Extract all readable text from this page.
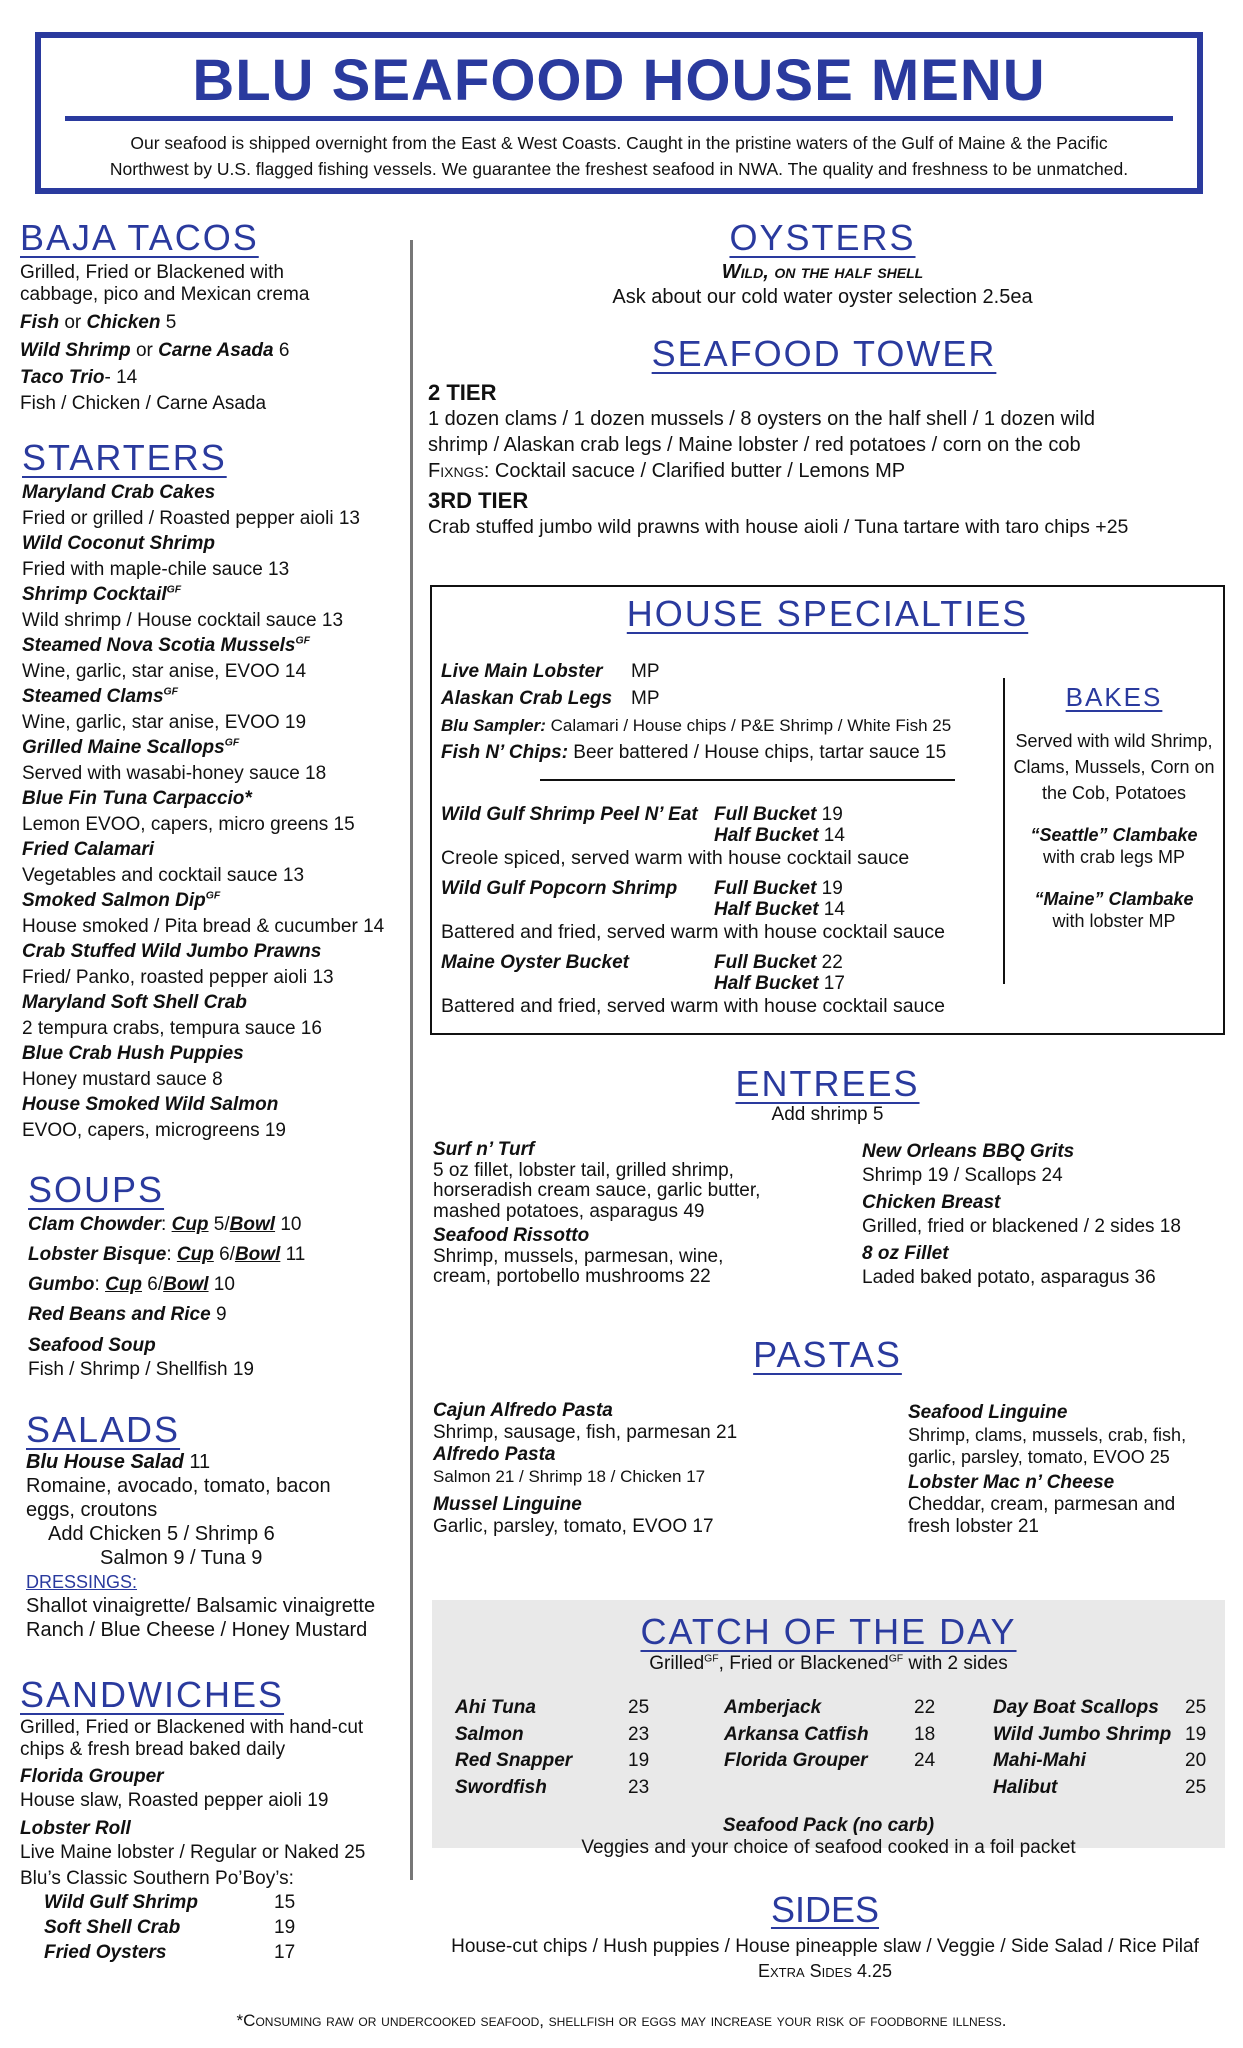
BLU SEAFOOD HOUSE MENU
Our seafood is shipped overnight from the East & West Coasts. Caught in the pristine waters of the Gulf of Maine & the Pacific
Northwest by U.S. flagged fishing vessels. We guarantee the freshest seafood in NWA. The quality and freshness to be unmatched.
BAJA TACOS
Grilled, Fried or Blackened with
cabbage, pico and Mexican crema
Fish or Chicken 5
Wild Shrimp or Carne Asada 6
Taco Trio- 14
Fish / Chicken / Carne Asada
STARTERS
Maryland Crab Cakes
Fried or grilled / Roasted pepper aioli 13
Wild Coconut Shrimp
Fried with maple-chile sauce 13
Shrimp Cocktail$^{GF}$
Wild shrimp / House cocktail sauce 13
Steamed Nova Scotia Mussels$^{GF}$
Wine, garlic, star anise, EVOO 14
Steamed Clams$^{GF}$
Wine, garlic, star anise, EVOO 19
Grilled Maine Scallops$^{GF}$
Served with wasabi-honey sauce 18
Blue Fin Tuna Carpaccio*
Lemon EVOO, capers, micro greens 15
Fried Calamari
Vegetables and cocktail sauce 13
Smoked Salmon Dip$^{GF}$
House smoked / Pita bread & cucumber 14
Crab Stuffed Wild Jumbo Prawns
Fried/ Panko, roasted pepper aioli 13
Maryland Soft Shell Crab
2 tempura crabs, tempura sauce 16
Blue Crab Hush Puppies
Honey mustard sauce 8
House Smoked Wild Salmon
EVOO, capers, microgreens 19
SOUPS
Clam Chowder: Cup 5/Bowl 10
Lobster Bisque: Cup 6/Bowl 11
Gumbo: Cup 6/Bowl 10
Red Beans and Rice 9
Seafood Soup
Fish / Shrimp / Shellfish 19
SALADS
Blu House Salad 11
Romaine, avocado, tomato, bacon
eggs, croutons
Add Chicken 5 / Shrimp 6
Salmon 9 / Tuna 9
DRESSINGS:
Shallot vinaigrette/ Balsamic vinaigrette
Ranch / Blue Cheese / Honey Mustard
SANDWICHES
Grilled, Fried or Blackened with hand-cut
chips & fresh bread baked daily
Florida Grouper
House slaw, Roasted pepper aioli 19
Lobster Roll
Live Maine lobster / Regular or Naked 25
Blu’s Classic Southern Po’Boy’s:
Wild Gulf Shrimp	15
Soft Shell Crab	19
Fried Oysters	17
OYSTERS
Wild, on the half shell
Ask about our cold water oyster selection 2.5ea
SEAFOOD TOWER
2 TIER
1 dozen clams / 1 dozen mussels / 8 oysters on the half shell / 1 dozen wild
shrimp / Alaskan crab legs / Maine lobster / red potatoes / corn on the cob
Fixngs: Cocktail sacuce / Clarified butter / Lemons MP
3RD TIER
Crab stuffed jumbo wild prawns with house aioli / Tuna tartare with taro chips +25
HOUSE SPECIALTIES
Live Main Lobster MP
Alaskan Crab Legs MP
Blu Sampler: Calamari / House chips / P&E Shrimp / White Fish 25
Fish N’ Chips: Beer battered / House chips, tartar sauce 15
Wild Gulf Shrimp Peel N’ Eat Full Bucket 19
Half Bucket 14
Creole spiced, served warm with house cocktail sauce
Wild Gulf Popcorn Shrimp Full Bucket 19
Half Bucket 14
Battered and fried, served warm with house cocktail sauce
Maine Oyster Bucket	Full Bucket 22
Half Bucket 17
Battered and fried, served warm with house cocktail sauce
BAKES
Served with wild Shrimp,
Clams, Mussels, Corn on
the Cob, Potatoes
“Seattle” Clambake
with crab legs MP
“Maine” Clambake
with lobster MP
ENTREES
Add shrimp 5
Surf n’ Turf
5 oz fillet, lobster tail, grilled shrimp,
horseradish cream sauce, garlic butter,
mashed potatoes, asparagus 49
Seafood Rissotto
Shrimp, mussels, parmesan, wine,
cream, portobello mushrooms 22
New Orleans BBQ Grits
Shrimp 19 / Scallops 24
Chicken Breast
Grilled, fried or blackened / 2 sides 18
8 oz Fillet
Laded baked potato, asparagus 36
PASTAS
Cajun Alfredo Pasta
Shrimp, sausage, fish, parmesan 21
Alfredo Pasta
Salmon 21 / Shrimp 18 / Chicken 17
Mussel Linguine
Garlic, parsley, tomato, EVOO 17
Seafood Linguine
Shrimp, clams, mussels, crab, fish,
garlic, parsley, tomato, EVOO 25
Lobster Mac n’ Cheese
Cheddar, cream, parmesan and
fresh lobster 21
CATCH OF THE DAY
Grilled$^{GF}$, Fried or Blackened$^{GF}$ with 2 sides
Ahi Tuna	25
Salmon	23
Red Snapper	19
Swordfish	23
Amberjack	22
Arkansa Catfish 18
Florida Grouper 24
Day Boat Scallops 25
Wild Jumbo Shrimp 19
Mahi-Mahi	20
Halibut	25
Seafood Pack (no carb)
Veggies and your choice of seafood cooked in a foil packet
SIDES
House-cut chips / Hush puppies / House pineapple slaw / Veggie / Side Salad / Rice Pilaf
Extra Sides 4.25
*Consuming raw or undercooked seafood, shellfish or eggs may increase your risk of foodborne illness.
